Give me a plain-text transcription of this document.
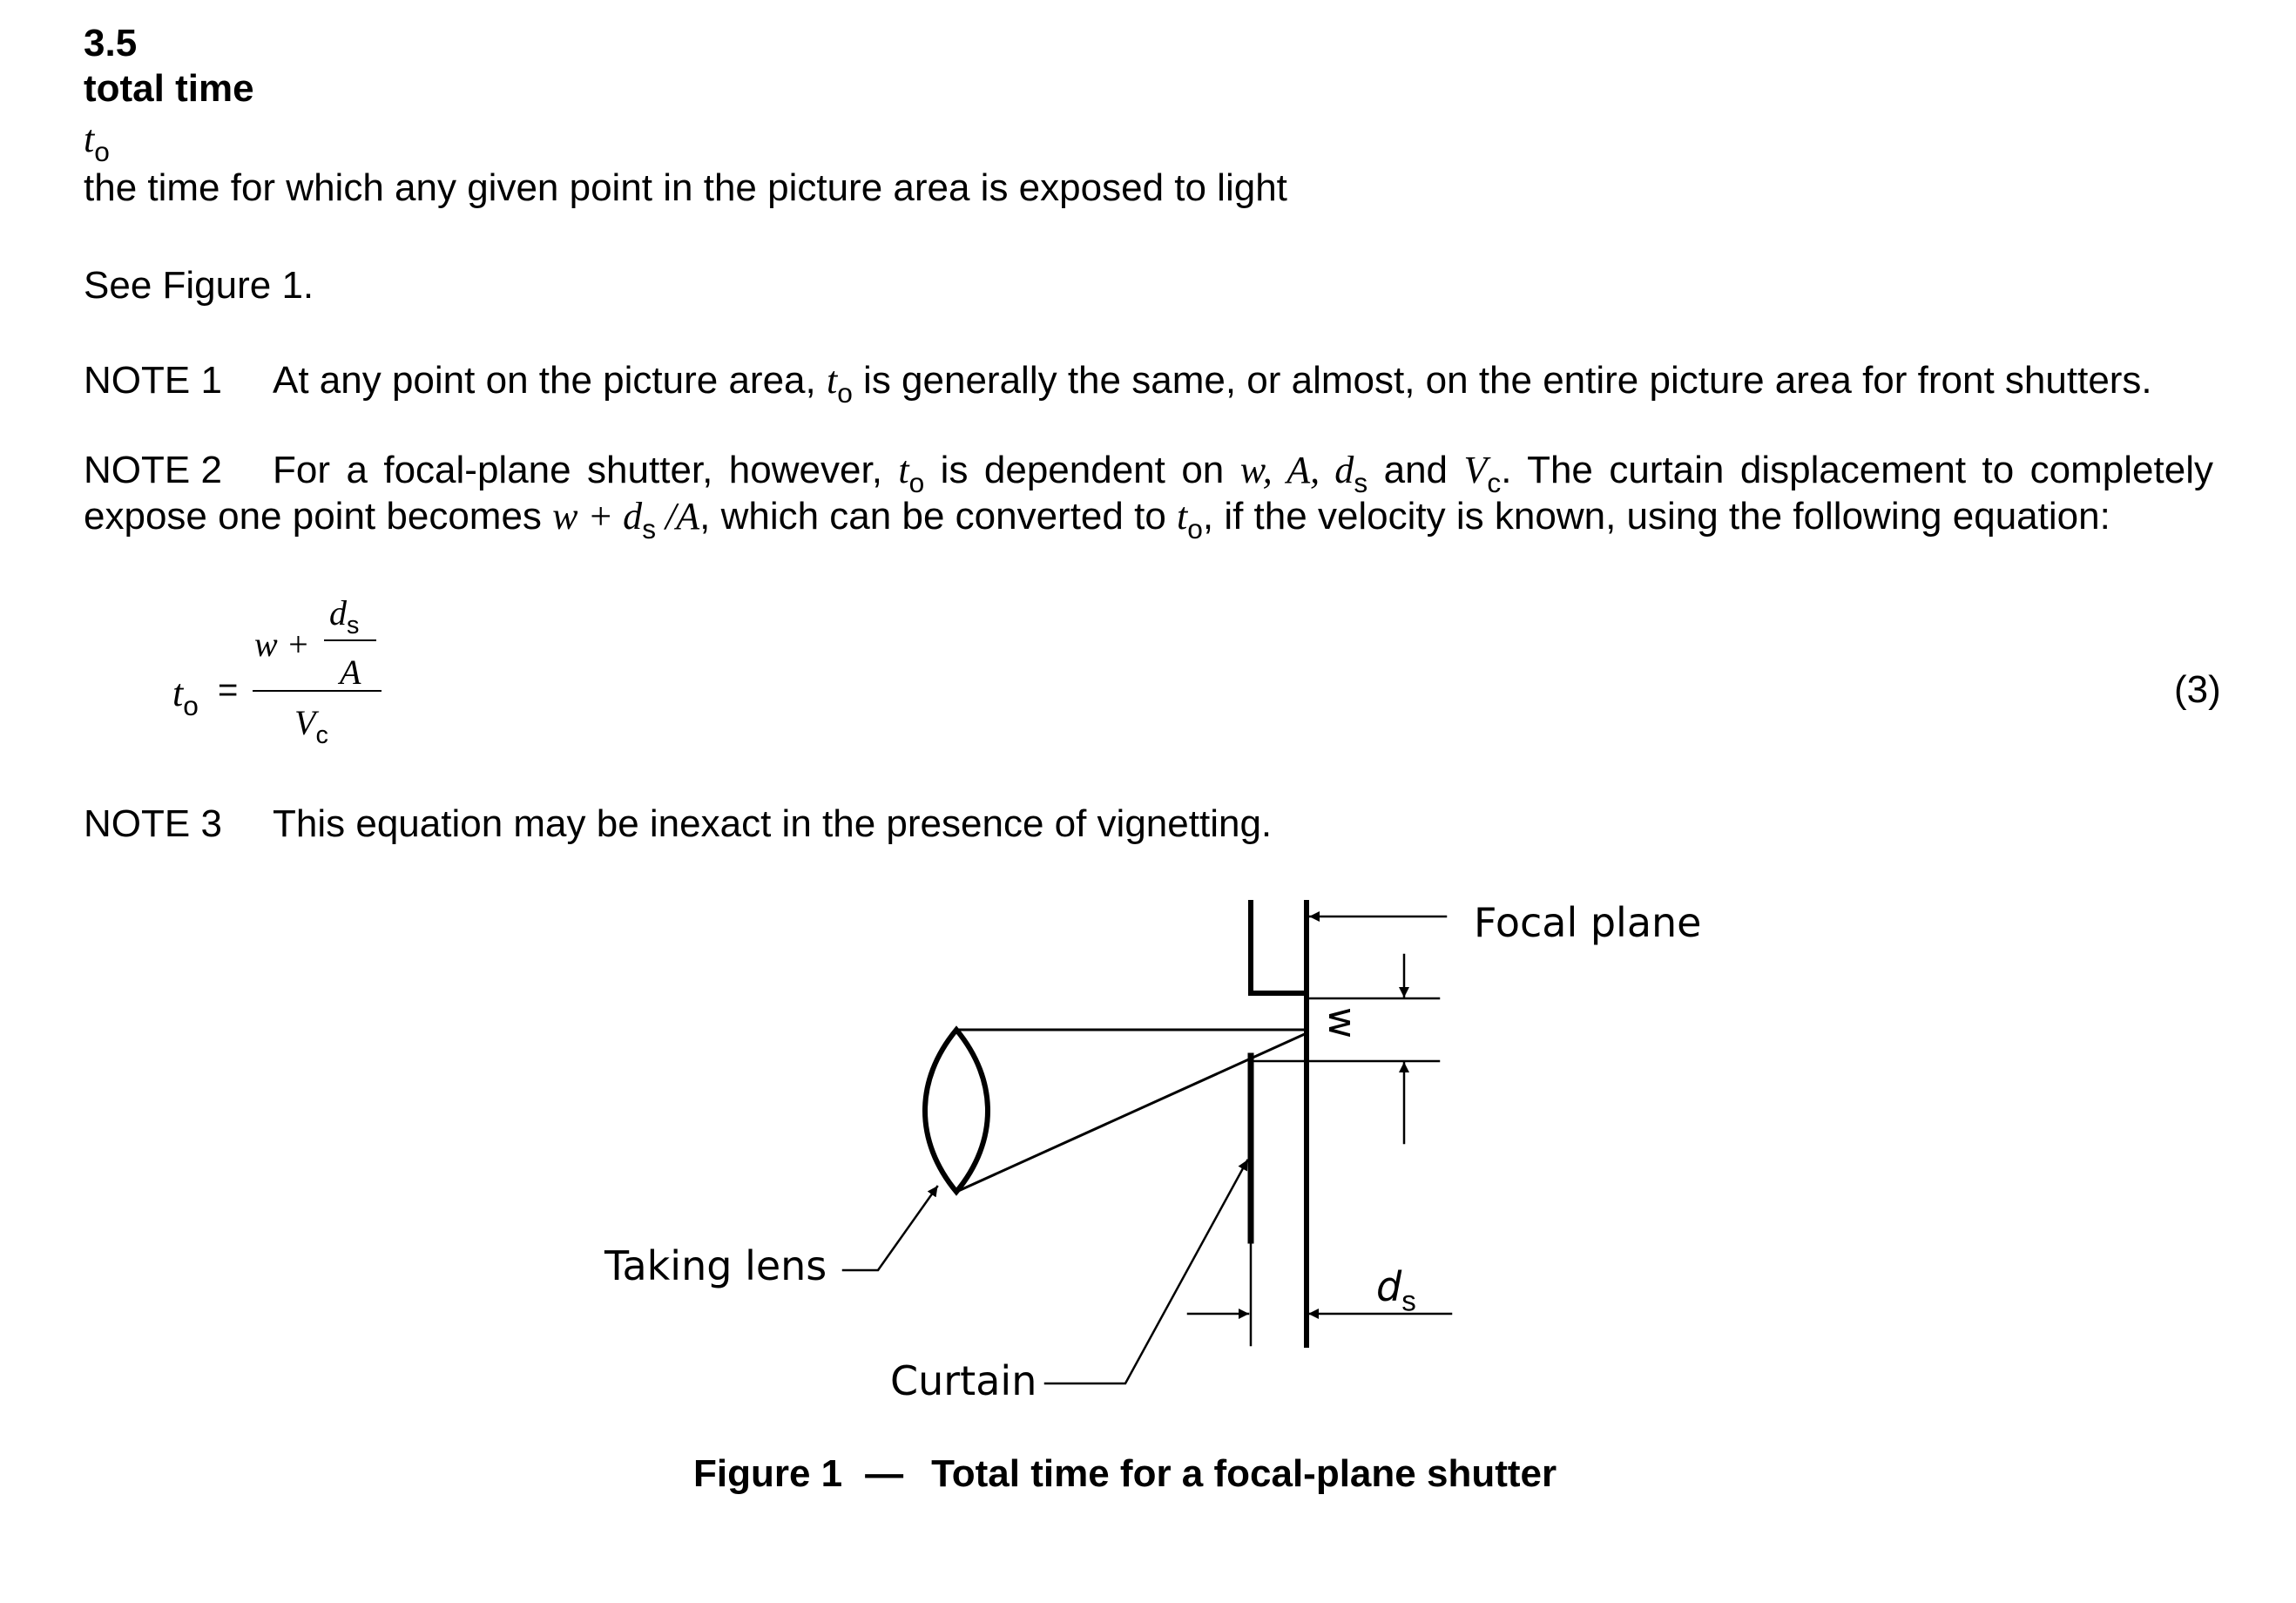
3.5
total time
$t_o$
the time for which any given point in the picture area is exposed to light
See Figure 1.
NOTE 1 At any point on the picture area, $t_o$ is generally the same, or almost, on the entire picture area for front shutters.
NOTE 2 For a focal-plane shutter, however, $t_o$ is dependent on w, A, $d_s$ and $V_c$. The curtain displacement to completely
expose one point becomes $w + d_s$ /A, which can be converted to $t_o$, if the velocity is known, using the following equation:
$t_o$ =
w +
$d_s$
A
$V_c$
(3)
NOTE 3 This equation may be inexact in the presence of vignetting.
Focal plane
w
Taking lens	$d_s$
Curtain
Figure 1 — Total time for a focal-plane shutter
